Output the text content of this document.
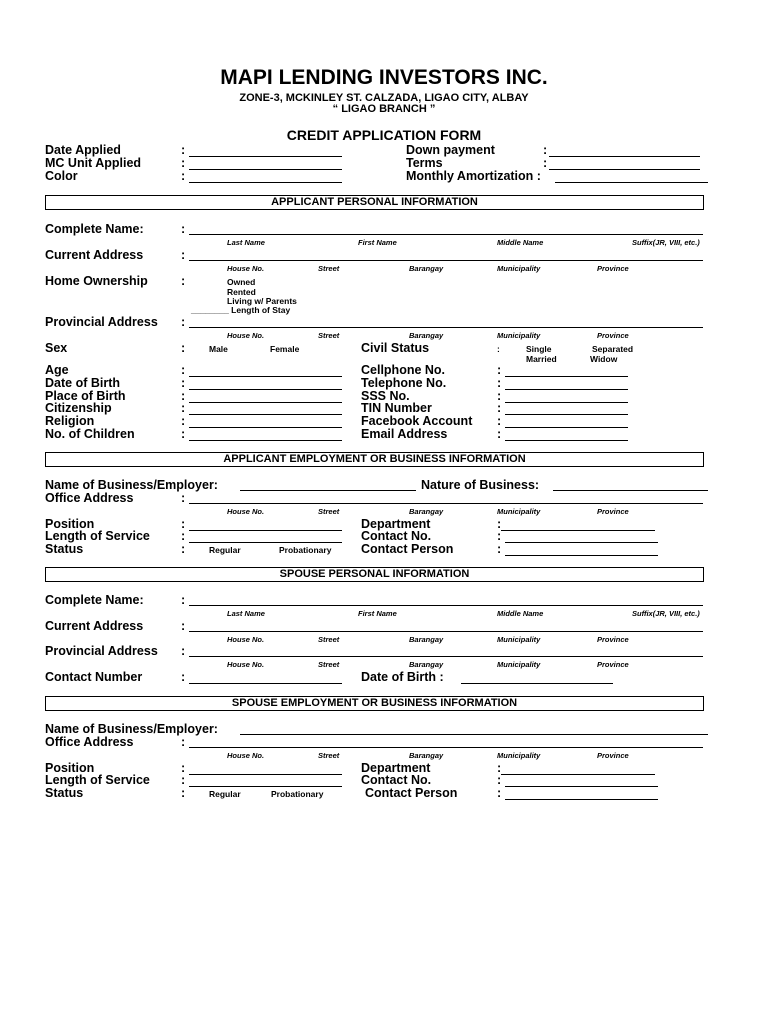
MAPI LENDING INVESTORS INC.
ZONE-3, MCKINLEY ST. CALZADA, LIGAO CITY, ALBAY
“ LIGAO BRANCH ”
CREDIT APPLICATION FORM
Date Applied	:
MC Unit Applied	:
Color	:
Down payment	:
Terms	:
Monthly Amortization :
APPLICANT PERSONAL INFORMATION
Complete Name:	:
Last Name	First Name	Middle Name	Suffix(JR, VIII, etc.)
Current Address	:
House No.	Street	Barangay	Municipality	Province
Home Ownership	:	Owned
Rented
Living w/ Parents
________ Length of Stay
Provincial Address :
House No.	Street	Barangay	Municipality	Province
Sex	:	Male	Female	Civil Status	:	Single	Separated
Married	Widow
Age	:
Date of Birth	:
Place of Birth	:
Citizenship	:
Religion	:
No. of Children	:
Cellphone No.	:
Telephone No.	:
SSS No.	:
TIN Number	:
Facebook Account :
Email Address	:
APPLICANT EMPLOYMENT OR BUSINESS INFORMATION
Name of Business/Employer:	Nature of Business:
Office Address	:
House No.	Street	Barangay	Municipality	Province
Position	:
Length of Service :
Status	:	Regular	Probationary
Department	:
Contact No.	:
Contact Person	:
SPOUSE PERSONAL INFORMATION
Complete Name:	:
Last Name	First Name	Middle Name	Suffix(JR, VIII, etc.)
Current Address	:
House No.	Street	Barangay	Municipality	Province
Provincial Address :
House No.	Street	Barangay	Municipality	Province
Contact Number	:	Date of Birth :
SPOUSE EMPLOYMENT OR BUSINESS INFORMATION
Name of Business/Employer:
Office Address	:
House No.	Street	Barangay	Municipality	Province
Position	:
Length of Service :
Status	:	Regular	Probationary
Department	:
Contact No.	:
Contact Person	:
